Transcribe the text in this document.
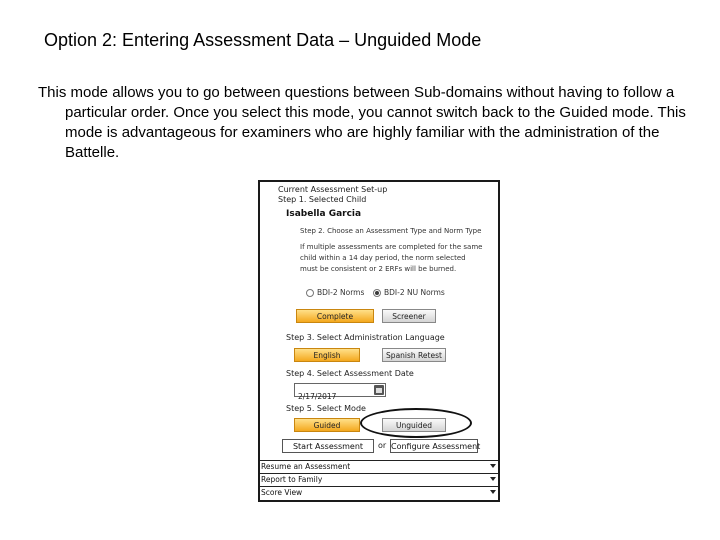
Option 2: Entering Assessment Data – Unguided Mode
This mode allows you to go between questions between Sub-domains without having to follow a particular order. Once you select this mode, you cannot switch back to the Guided mode. This mode is advantageous for examiners who are highly familiar with the administration of the Battelle.
Current Assessment Set-up
Step 1. Selected Child
Isabella Garcia
Step 2. Choose an Assessment Type and Norm Type
If multiple assessments are completed for the same
child within a 14 day period, the norm selected
must be consistent or 2 ERFs will be burned.
BDI-2 Norms	BDI-2 NU Norms
Complete	Screener
Step 3. Select Administration Language
English	Spanish Retest
Step 4. Select Assessment Date
2/17/2017
Step 5. Select Mode
Guided	Unguided
Start Assessment	or Configure Assessment
Resume an Assessment
Report to Family
Score View
